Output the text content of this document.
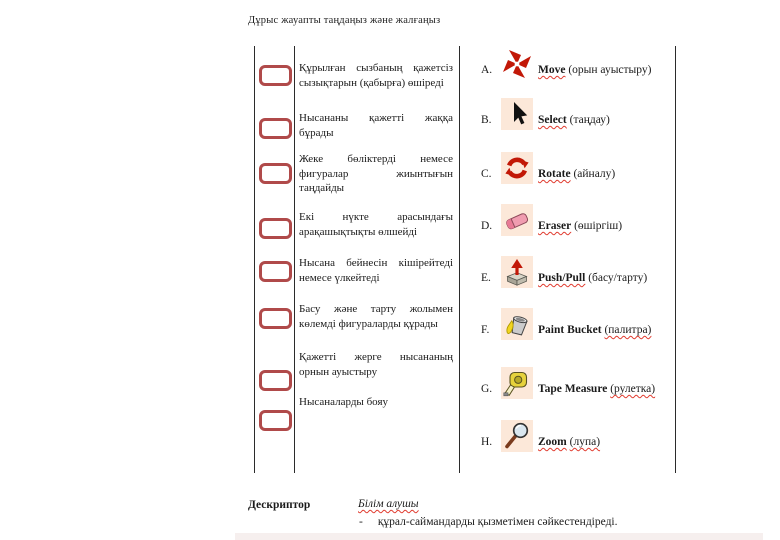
Дұрыс жауапты таңдаңыз және жалғаңыз
Құрылған сызбаның қажетсіз сызықтарын (қабырға) өшіреді
Нысананы қажетті жаққа бұрады
Жеке бөліктерді немесе фигуралар жиынтығын таңдайды
Екі нүкте арасындағы арақашықтықты өлшейді
Нысана бейнесін кішірейтеді немесе үлкейтеді
Басу және тарту жолымен көлемді фигураларды құрады
Қажетті жерге нысананың орнын ауыстыру
Нысаналарды бояу
A.	Move (орын ауыстыру)
B.	Select (таңдау)
C.	Rotate (айналу)
D.	Eraser (өшіргіш)
E.	Push/Pull (басу/тарту)
F.	Paint Bucket (палитра)
G.	Tape Measure (рулетка)
H.	Zoom (лупа)
Дескриптор	Білім алушы
- құрал-саймандарды қызметімен сәйкестендіреді.
